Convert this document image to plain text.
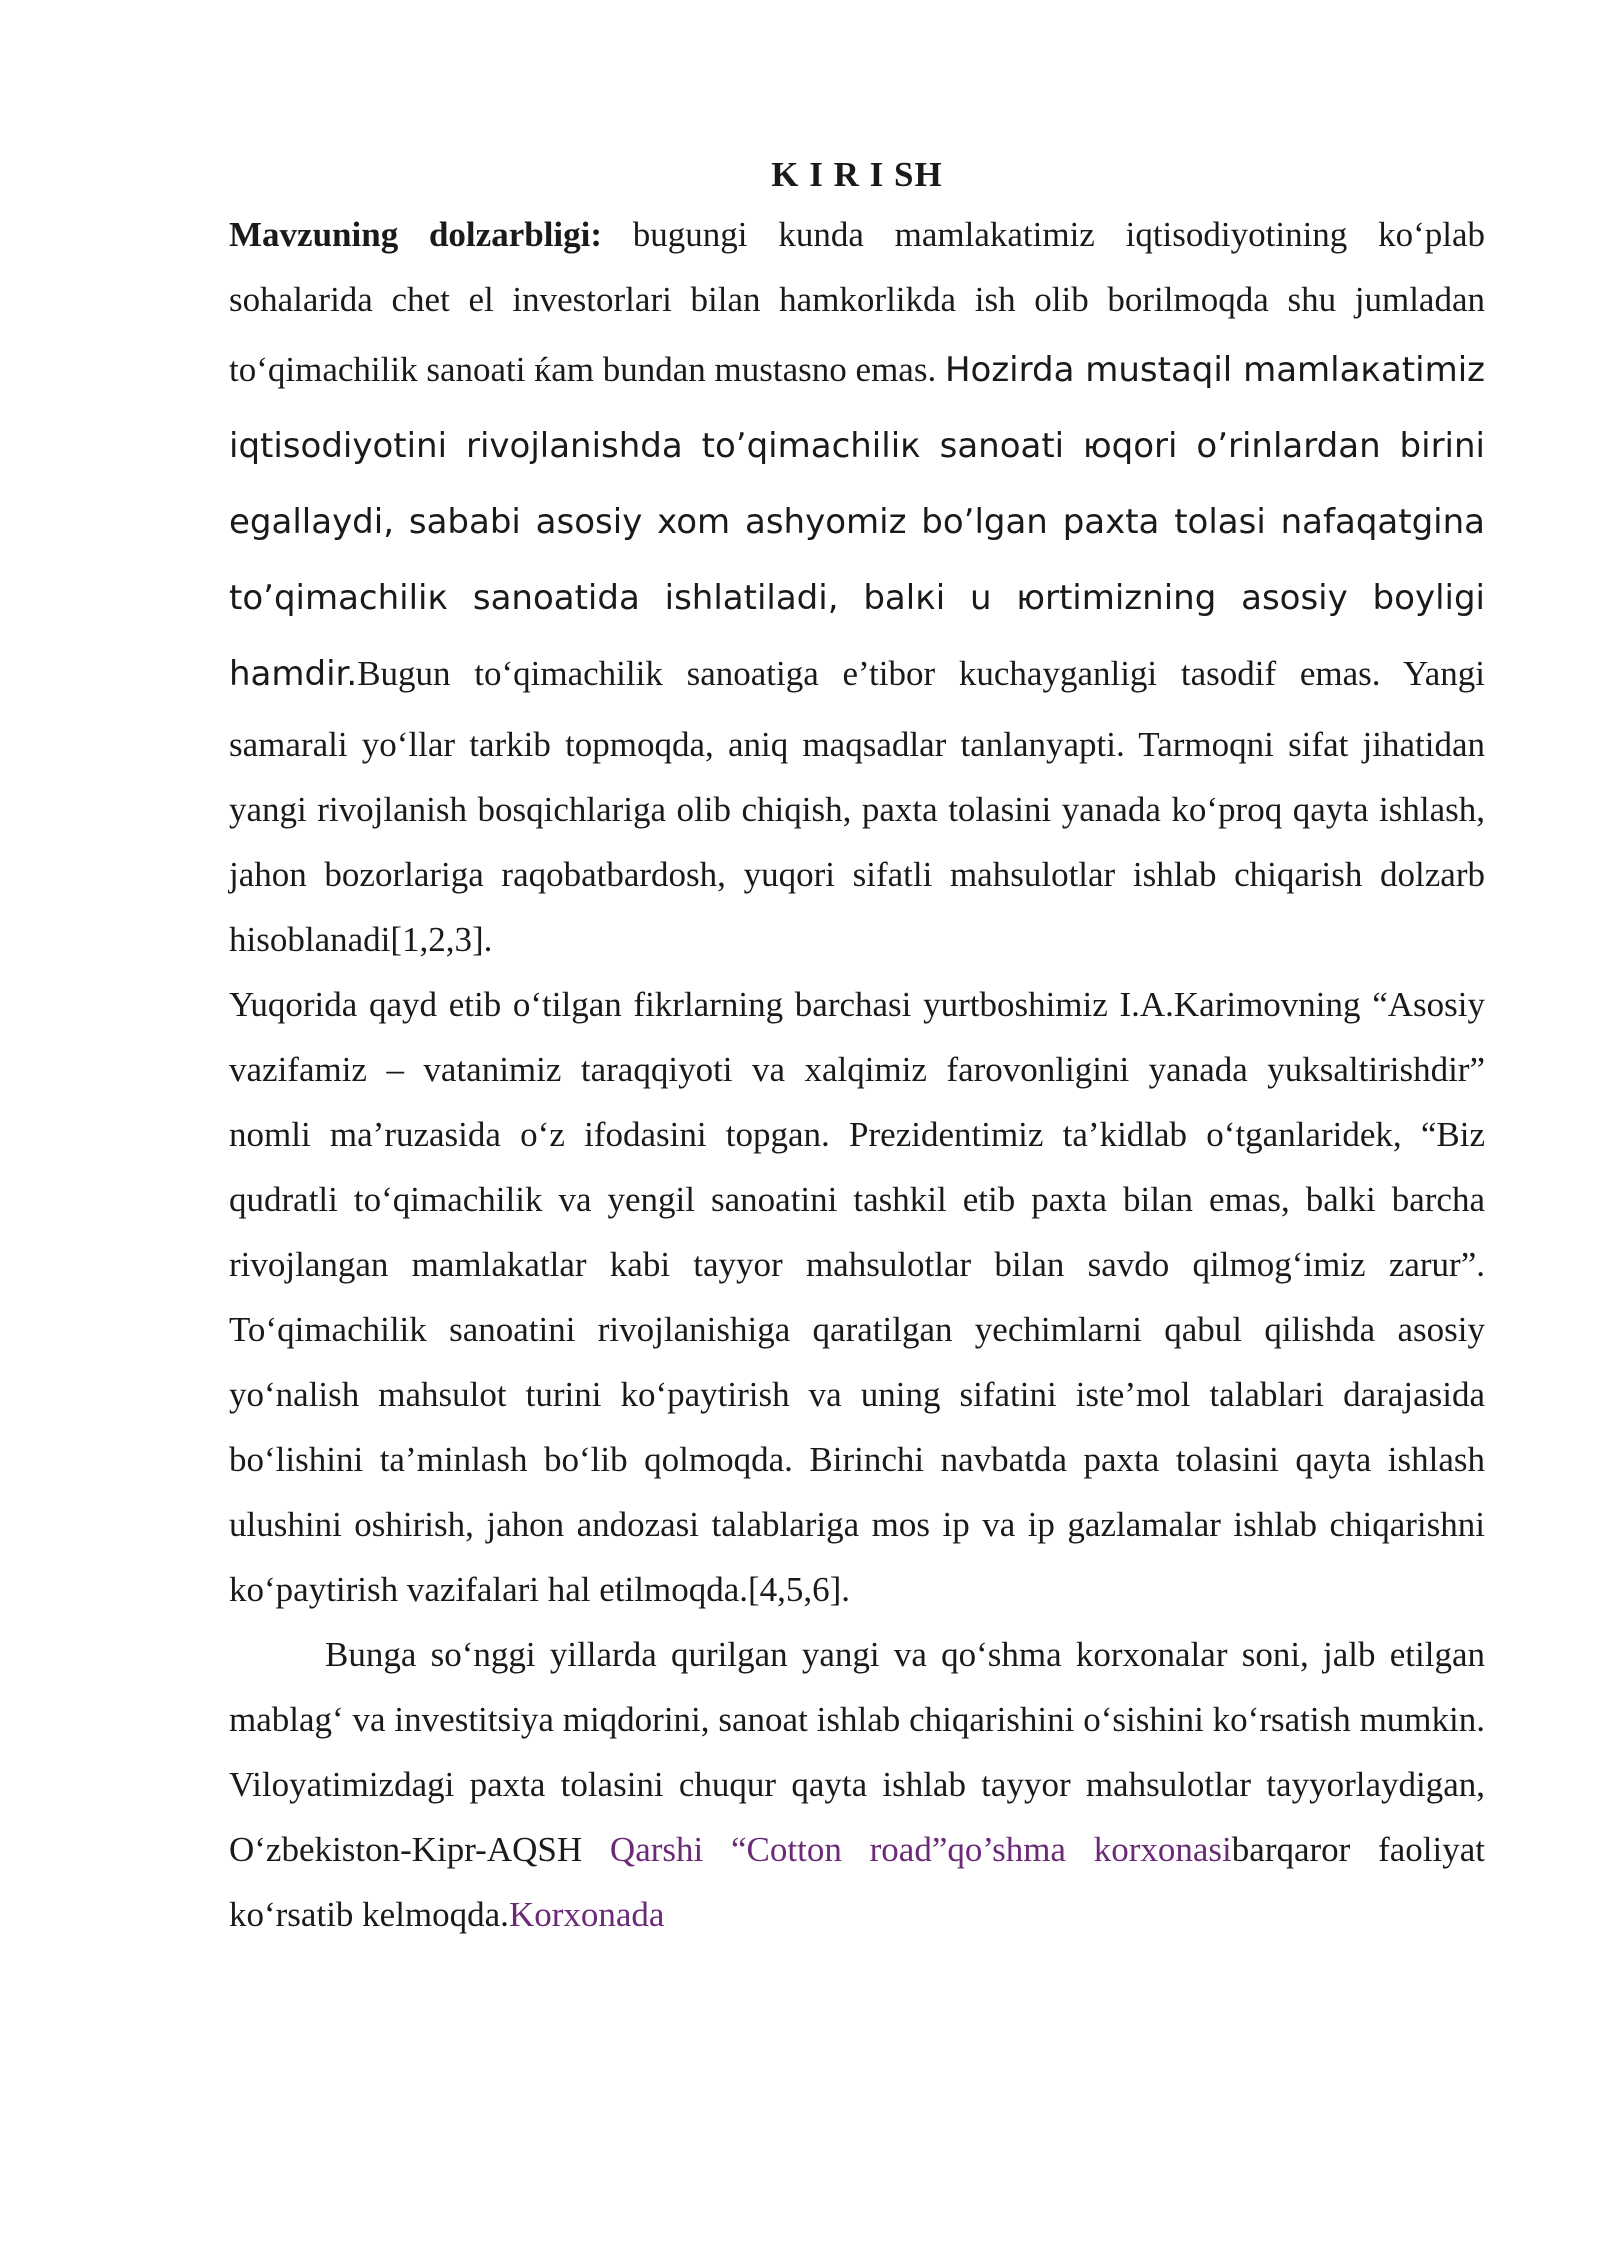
K I R I SH

Mavzuning dolzarbligi: bugungi kunda mamlakatimiz iqtisodiyotining ko‘plab sohalarida chet el investorlari bilan hamkorlikda ish olib borilmoqda shu jumladan to‘qimachilik sanoati ќam bundan mustasno emas. Hozirda mustaqil mamlaкatimiz iqtisodiyotini rivojlanishda to’qimachiliк sanoati юqori o’rinlardan birini egallaydi, sababi asosiy xom ashyomiz bo’lgan paxta tolasi nafaqatgina to’qimachiliк sanoatida ishlatiladi, balкi u юrtimizning asosiy boyligi hamdir.Bugun to‘qimachilik sanoatiga e’tibor kuchayganligi tasodif emas. Yangi samarali yo‘llar tarkib topmoqda, aniq maqsadlar tanlanyapti. Tarmoqni sifat jihatidan yangi rivojlanish bosqichlariga olib chiqish, paxta tolasini yanada ko‘proq qayta ishlash, jahon bozorlariga raqobatbardosh, yuqori sifatli mahsulotlar ishlab chiqarish dolzarb hisoblanadi[1,2,3].

Yuqorida qayd etib o‘tilgan fikrlarning barchasi yurtboshimiz I.A.Karimovning “Asosiy vazifamiz – vatanimiz taraqqiyoti va xalqimiz farovonligini yanada yuksaltirishdir” nomli ma’ruzasida o‘z ifodasini topgan. Prezidentimiz ta’kidlab o‘tganlaridek, “Biz qudratli to‘qimachilik va yengil sanoatini tashkil etib paxta bilan emas, balki barcha rivojlangan mamlakatlar kabi tayyor mahsulotlar bilan savdo qilmog‘imiz zarur”. To‘qimachilik sanoatini rivojlanishiga qaratilgan yechimlarni qabul qilishda asosiy yo‘nalish mahsulot turini ko‘paytirish va uning sifatini iste’mol talablari darajasida bo‘lishini ta’minlash bo‘lib qolmoqda. Birinchi navbatda paxta tolasini qayta ishlash ulushini oshirish, jahon andozasi talablariga mos ip va ip gazlamalar ishlab chiqarishni ko‘paytirish vazifalari hal etilmoqda.[4,5,6].

Bunga so‘nggi yillarda qurilgan yangi va qo‘shma korxonalar soni, jalb etilgan mablag‘ va investitsiya miqdorini, sanoat ishlab chiqarishini o‘sishini ko‘rsatish mumkin. Viloyatimizdagi paxta tolasini chuqur qayta ishlab tayyor mahsulotlar tayyorlaydigan, O‘zbekiston-Kipr-AQSH Qarshi “Cotton road”qo’shma korxonasibarqaror faoliyat ko‘rsatib kelmoqda.Korxonada
